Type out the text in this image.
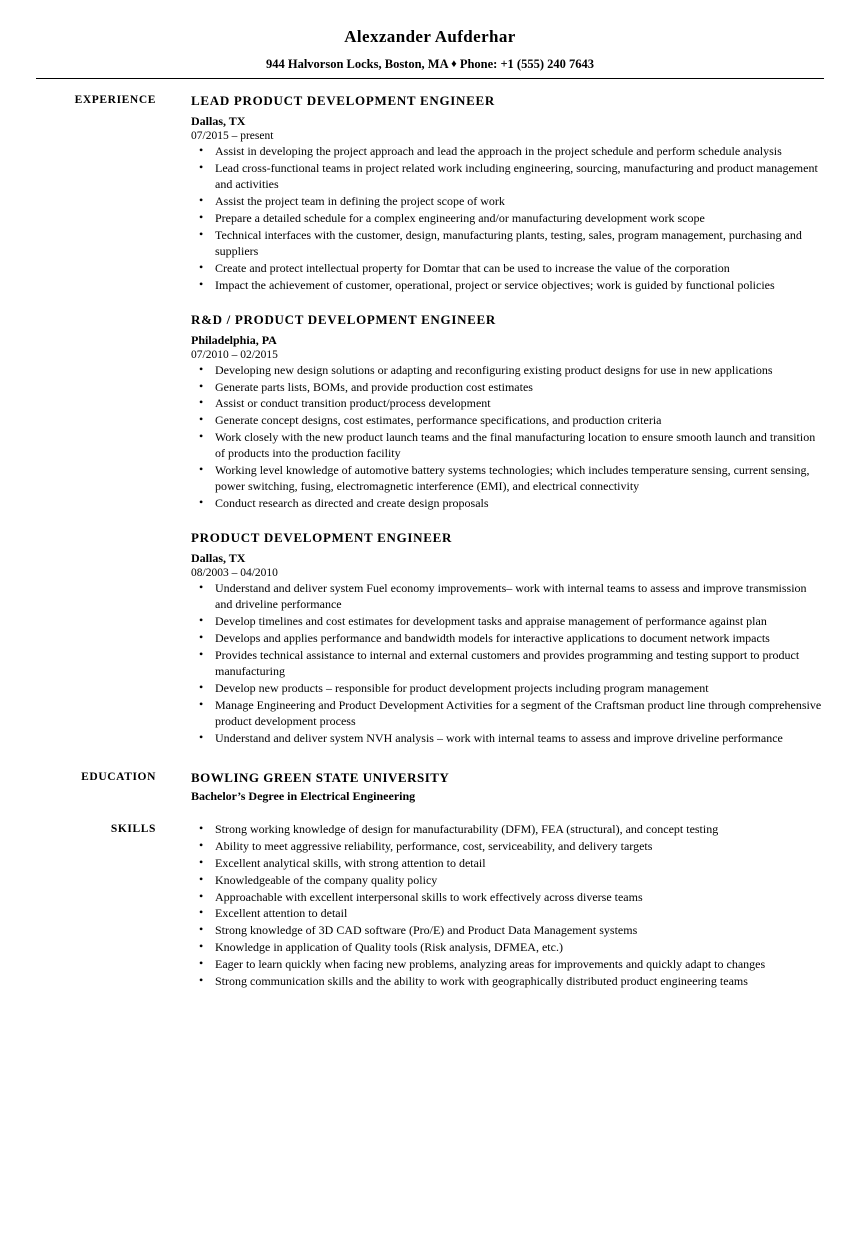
Alexzander Aufderhar
944 Halvorson Locks, Boston, MA ♦ Phone: +1 (555) 240 7643
EXPERIENCE	LEAD PRODUCT DEVELOPMENT ENGINEER
Dallas, TX
07/2015 – present
• Assist in developing the project approach and lead the approach in the project schedule and perform schedule analysis
• Lead cross-functional teams in project related work including engineering, sourcing, manufacturing and product management and activities
• Assist the project team in defining the project scope of work
• Prepare a detailed schedule for a complex engineering and/or manufacturing development work scope
• Technical interfaces with the customer, design, manufacturing plants, testing, sales, program management, purchasing and suppliers
• Create and protect intellectual property for Domtar that can be used to increase the value of the corporation
• Impact the achievement of customer, operational, project or service objectives; work is guided by functional policies
R&D / PRODUCT DEVELOPMENT ENGINEER
Philadelphia, PA
07/2010 – 02/2015
• Developing new design solutions or adapting and reconfiguring existing product designs for use in new applications
• Generate parts lists, BOMs, and provide production cost estimates
• Assist or conduct transition product/process development
• Generate concept designs, cost estimates, performance specifications, and production criteria
• Work closely with the new product launch teams and the final manufacturing location to ensure smooth launch and transition of products into the production facility
• Working level knowledge of automotive battery systems technologies; which includes temperature sensing, current sensing, power switching, fusing, electromagnetic interference (EMI), and electrical connectivity
• Conduct research as directed and create design proposals
PRODUCT DEVELOPMENT ENGINEER
Dallas, TX
08/2003 – 04/2010
• Understand and deliver system Fuel economy improvements– work with internal teams to assess and improve transmission and driveline performance
• Develop timelines and cost estimates for development tasks and appraise management of performance against plan
• Develops and applies performance and bandwidth models for interactive applications to document network impacts
• Provides technical assistance to internal and external customers and provides programming and testing support to product manufacturing
• Develop new products – responsible for product development projects including program management
• Manage Engineering and Product Development Activities for a segment of the Craftsman product line through comprehensive product development process
• Understand and deliver system NVH analysis – work with internal teams to assess and improve driveline performance
EDUCATION	BOWLING GREEN STATE UNIVERSITY
Bachelor’s Degree in Electrical Engineering
SKILLS	• Strong working knowledge of design for manufacturability (DFM), FEA (structural), and concept testing
• Ability to meet aggressive reliability, performance, cost, serviceability, and delivery targets
• Excellent analytical skills, with strong attention to detail
• Knowledgeable of the company quality policy
• Approachable with excellent interpersonal skills to work effectively across diverse teams
• Excellent attention to detail
• Strong knowledge of 3D CAD software (Pro/E) and Product Data Management systems
• Knowledge in application of Quality tools (Risk analysis, DFMEA, etc.)
• Eager to learn quickly when facing new problems, analyzing areas for improvements and quickly adapt to changes
• Strong communication skills and the ability to work with geographically distributed product engineering teams
